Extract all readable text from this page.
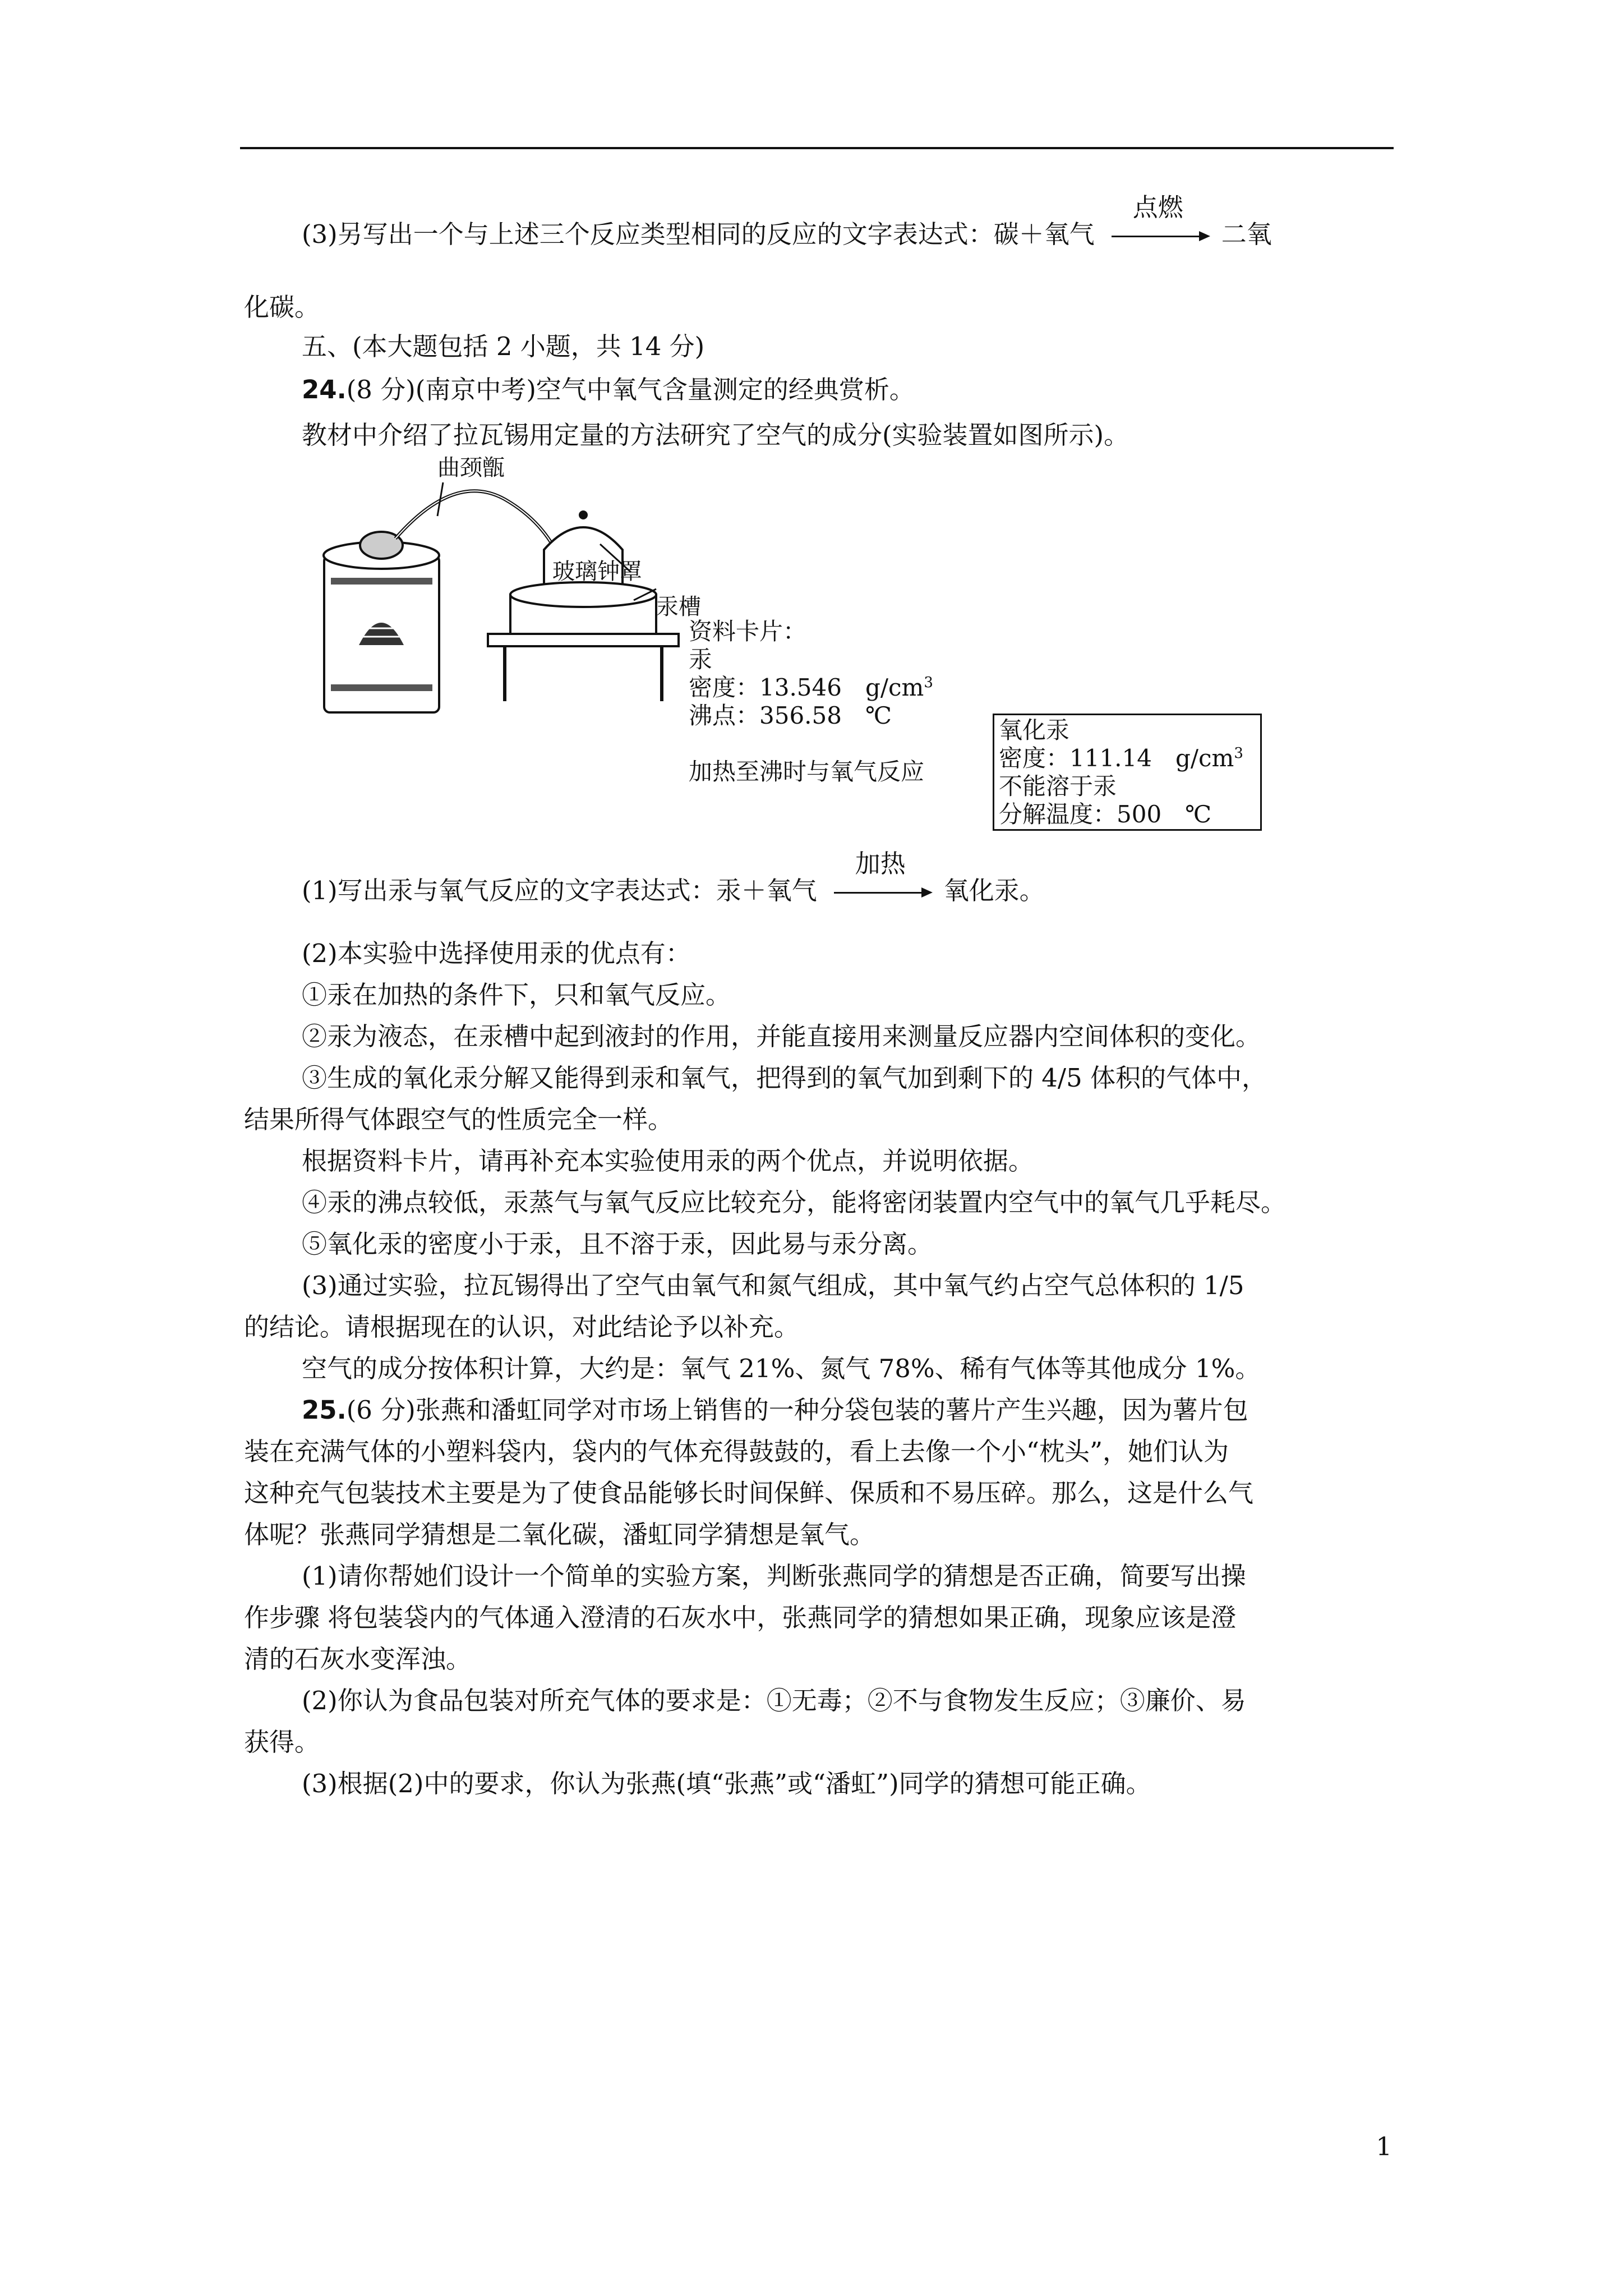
(3)另写出一个与上述三个反应类型相同的反应的文字表达式：碳＋氧气
点燃
二氧
化碳。
五、(本大题包括 2 小题，共 14 分)
24.(8 分)(南京中考)空气中氧气含量测定的经典赏析。
教材中介绍了拉瓦锡用定量的方法研究了空气的成分(实验装置如图所示)。
曲颈甑
玻璃钟罩
汞槽
火炉
资料卡片：
汞
密度：13.546　$g/cm^3$
沸点：356.58　℃
加热至沸时与氧气反应
氧化汞
密度：111.14　$g/cm^3$
不能溶于汞
分解温度：500　℃
(1)写出汞与氧气反应的文字表达式：汞＋氧气
加热
氧化汞。
(2)本实验中选择使用汞的优点有：
①汞在加热的条件下，只和氧气反应。
②汞为液态，在汞槽中起到液封的作用，并能直接用来测量反应器内空间体积的变化。
③生成的氧化汞分解又能得到汞和氧气，把得到的氧气加到剩下的 4/5 体积的气体中，
结果所得气体跟空气的性质完全一样。
根据资料卡片，请再补充本实验使用汞的两个优点，并说明依据。
④汞的沸点较低，汞蒸气与氧气反应比较充分，能将密闭装置内空气中的氧气几乎耗尽。
⑤氧化汞的密度小于汞，且不溶于汞，因此易与汞分离。
(3)通过实验，拉瓦锡得出了空气由氧气和氮气组成，其中氧气约占空气总体积的 1/5
的结论。请根据现在的认识，对此结论予以补充。
空气的成分按体积计算，大约是：氧气 21%、氮气 78%、稀有气体等其他成分 1%。
25.(6 分)张燕和潘虹同学对市场上销售的一种分袋包装的薯片产生兴趣，因为薯片包
装在充满气体的小塑料袋内，袋内的气体充得鼓鼓的，看上去像一个小“枕头”，她们认为
这种充气包装技术主要是为了使食品能够长时间保鲜、保质和不易压碎。那么，这是什么气
体呢？张燕同学猜想是二氧化碳，潘虹同学猜想是氧气。
(1)请你帮她们设计一个简单的实验方案，判断张燕同学的猜想是否正确，简要写出操
作步骤 将包装袋内的气体通入澄清的石灰水中，张燕同学的猜想如果正确，现象应该是澄
清的石灰水变浑浊。
(2)你认为食品包装对所充气体的要求是：①无毒；②不与食物发生反应；③廉价、易
获得。
(3)根据(2)中的要求，你认为张燕(填“张燕”或“潘虹”)同学的猜想可能正确。
1
